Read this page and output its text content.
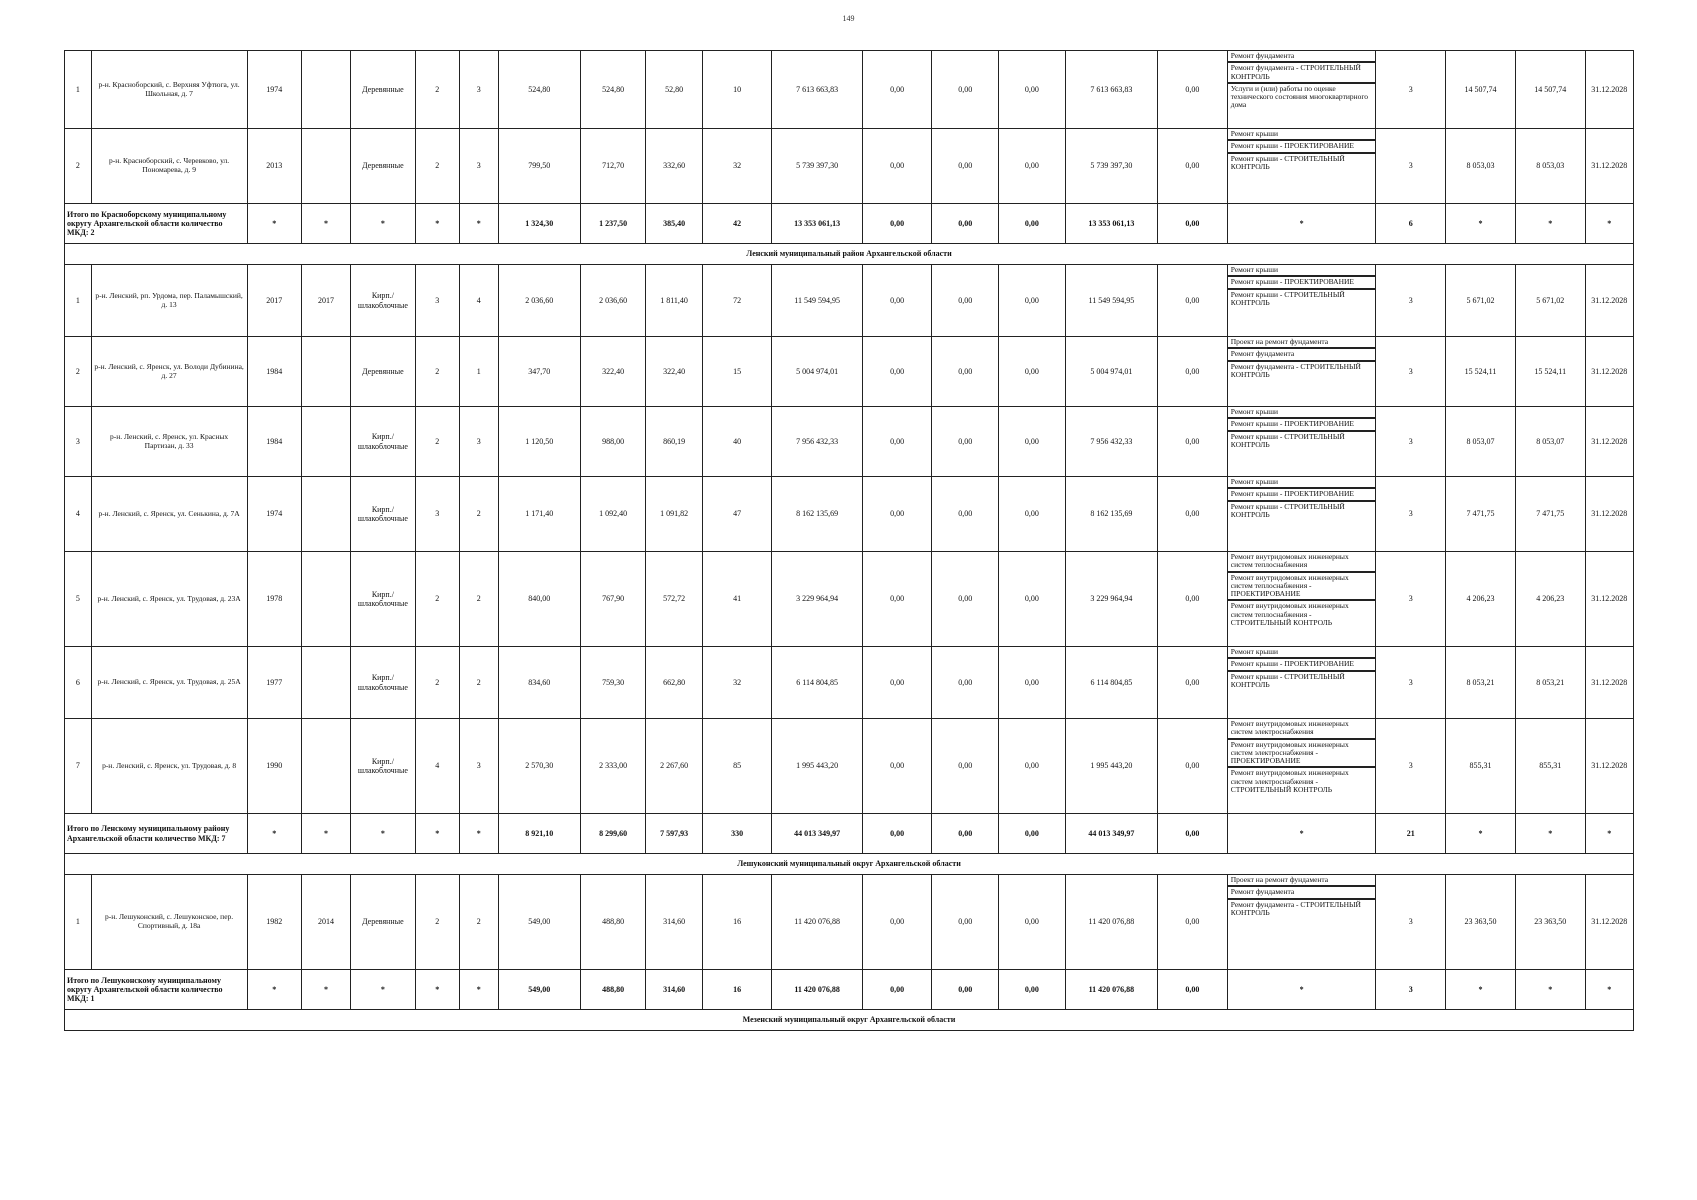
149
1	р-н. Красноборский, с. Верхняя Уфтюга, ул. Школьная, д. 7	1974		Деревянные	2	3	524,80	524,80	52,80	10	7 613 663,83	0,00	0,00	0,00	7 613 663,83	0,00	Ремонт фундамента
Ремонт фундамента - СТРОИТЕЛЬНЫЙ КОНТРОЛЬ
Услуги и (или) работы по оценке технического состояния многоквартирного дома	3	14 507,74	14 507,74	31.12.2028
2	р-н. Красноборский, с. Черевково, ул. Пономарева, д. 9	2013		Деревянные	2	3	799,50	712,70	332,60	32	5 739 397,30	0,00	0,00	0,00	5 739 397,30	0,00	Ремонт крыши
Ремонт крыши - ПРОЕКТИРОВАНИЕ
Ремонт крыши - СТРОИТЕЛЬНЫЙ КОНТРОЛЬ	3	8 053,03	8 053,03	31.12.2028
Итого по Красноборскому муниципальному округу Архангельской области количество МКД: 2		*	*	*	*	*	1 324,30	1 237,50	385,40	42	13 353 061,13	0,00	0,00	0,00	13 353 061,13	0,00	*	6	*	*	*
Ленский муниципальный район Архангельской области																					
1	р-н. Ленский, рп. Урдома, пер. Паламышский, д. 13	2017	2017	Кирп./ шлакоблочные	3	4	2 036,60	2 036,60	1 811,40	72	11 549 594,95	0,00	0,00	0,00	11 549 594,95	0,00	Ремонт крыши
Ремонт крыши - ПРОЕКТИРОВАНИЕ
Ремонт крыши - СТРОИТЕЛЬНЫЙ КОНТРОЛЬ	3	5 671,02	5 671,02	31.12.2028
2	р-н. Ленский, с. Яренск, ул. Володи Дубинина, д. 27	1984		Деревянные	2	1	347,70	322,40	322,40	15	5 004 974,01	0,00	0,00	0,00	5 004 974,01	0,00	Проект на ремонт фундамента
Ремонт фундамента
Ремонт фундамента - СТРОИТЕЛЬНЫЙ КОНТРОЛЬ	3	15 524,11	15 524,11	31.12.2028
3	р-н. Ленский, с. Яренск, ул. Красных Партизан, д. 33	1984		Кирп./ шлакоблочные	2	3	1 120,50	988,00	860,19	40	7 956 432,33	0,00	0,00	0,00	7 956 432,33	0,00	Ремонт крыши
Ремонт крыши - ПРОЕКТИРОВАНИЕ
Ремонт крыши - СТРОИТЕЛЬНЫЙ КОНТРОЛЬ	3	8 053,07	8 053,07	31.12.2028
4	р-н. Ленский, с. Яренск, ул. Сенькина, д. 7А	1974		Кирп./ шлакоблочные	3	2	1 171,40	1 092,40	1 091,82	47	8 162 135,69	0,00	0,00	0,00	8 162 135,69	0,00	Ремонт крыши
Ремонт крыши - ПРОЕКТИРОВАНИЕ
Ремонт крыши - СТРОИТЕЛЬНЫЙ КОНТРОЛЬ	3	7 471,75	7 471,75	31.12.2028
5	р-н. Ленский, с. Яренск, ул. Трудовая, д. 23А	1978		Кирп./ шлакоблочные	2	2	840,00	767,90	572,72	41	3 229 964,94	0,00	0,00	0,00	3 229 964,94	0,00	Ремонт внутридомовых инженерных систем теплоснабжения
Ремонт внутридомовых инженерных систем теплоснабжения - ПРОЕКТИРОВАНИЕ
Ремонт внутридомовых инженерных систем теплоснабжения - СТРОИТЕЛЬНЫЙ КОНТРОЛЬ	3	4 206,23	4 206,23	31.12.2028
6	р-н. Ленский, с. Яренск, ул. Трудовая, д. 25А	1977		Кирп./ шлакоблочные	2	2	834,60	759,30	662,80	32	6 114 804,85	0,00	0,00	0,00	6 114 804,85	0,00	Ремонт крыши
Ремонт крыши - ПРОЕКТИРОВАНИЕ
Ремонт крыши - СТРОИТЕЛЬНЫЙ КОНТРОЛЬ	3	8 053,21	8 053,21	31.12.2028
7	р-н. Ленский, с. Яренск, ул. Трудовая, д. 8	1990		Кирп./ шлакоблочные	4	3	2 570,30	2 333,00	2 267,60	85	1 995 443,20	0,00	0,00	0,00	1 995 443,20	0,00	Ремонт внутридомовых инженерных систем электроснабжения
Ремонт внутридомовых инженерных систем электроснабжения - ПРОЕКТИРОВАНИЕ
Ремонт внутридомовых инженерных систем электроснабжения - СТРОИТЕЛЬНЫЙ КОНТРОЛЬ	3	855,31	855,31	31.12.2028
Итого по Ленскому муниципальному району Архангельской области количество МКД: 7		*	*	*	*	*	8 921,10	8 299,60	7 597,93	330	44 013 349,97	0,00	0,00	0,00	44 013 349,97	0,00	*	21	*	*	*
Лешуконский муниципальный округ Архангельской области																					
1	р-н. Лешуконский, с. Лешуконское, пер. Спортивный, д. 18а	1982	2014	Деревянные	2	2	549,00	488,80	314,60	16	11 420 076,88	0,00	0,00	0,00	11 420 076,88	0,00	Проект на ремонт фундамента
Ремонт фундамента
Ремонт фундамента - СТРОИТЕЛЬНЫЙ КОНТРОЛЬ	3	23 363,50	23 363,50	31.12.2028
Итого по Лешуконскому муниципальному округу Архангельской области количество МКД: 1		*	*	*	*	*	549,00	488,80	314,60	16	11 420 076,88	0,00	0,00	0,00	11 420 076,88	0,00	*	3	*	*	*
Мезенский муниципальный округ Архангельской области																					
